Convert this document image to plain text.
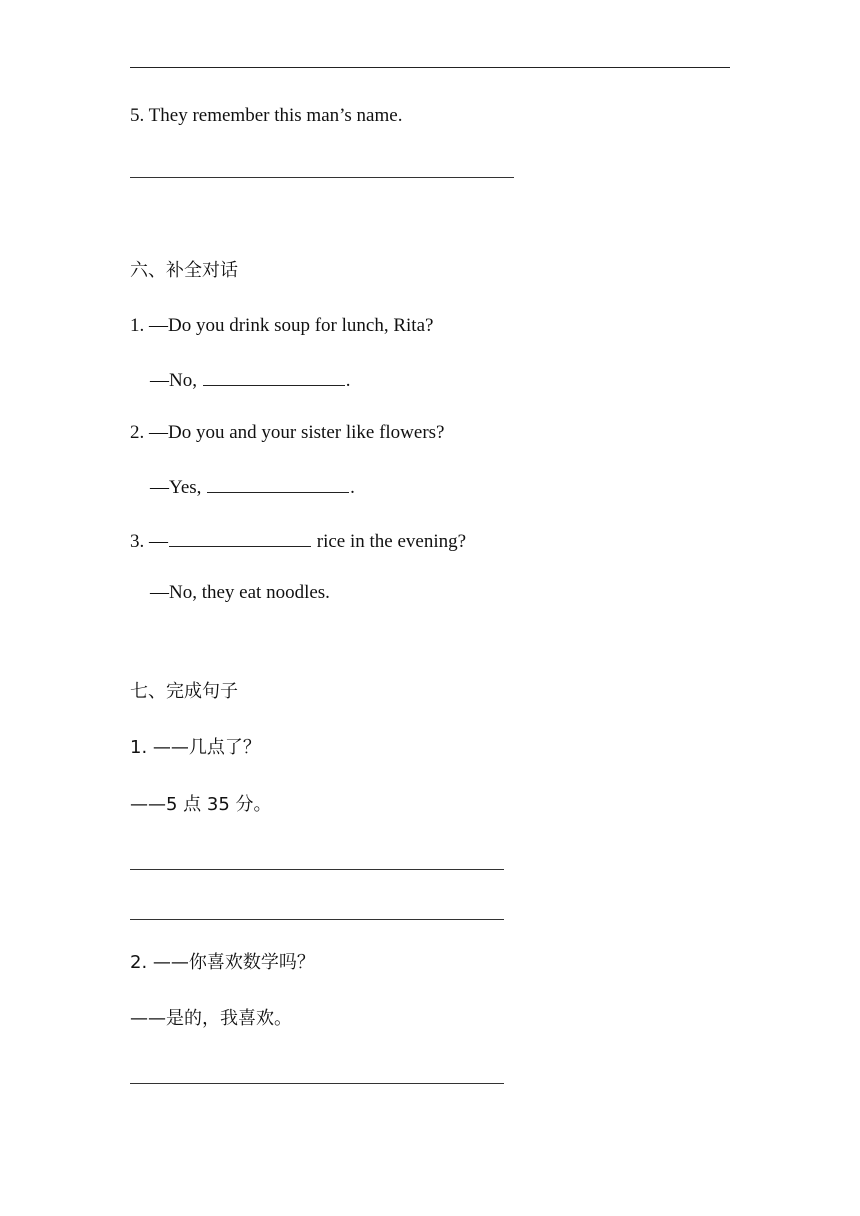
5. They remember this man’s name.
六、补全对话
1. —Do you drink soup for lunch, Rita?
—No,	.
2. —Do you and your sister like flowers?
—Yes,	.
3. —	rice in the evening?
—No, they eat noodles.
七、完成句子
1. ——几点了？
——5 点 35 分。
2. ——你喜欢数学吗？
——是的，我喜欢。
